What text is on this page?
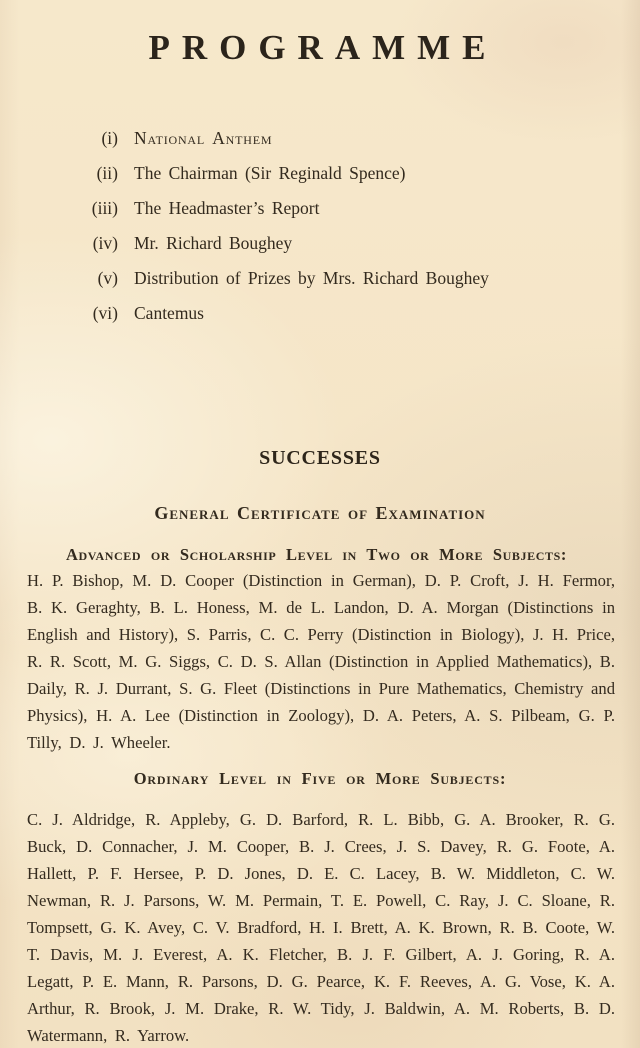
PROGRAMME
(i) National Anthem
(ii) The Chairman (Sir Reginald Spence)
(iii) The Headmaster’s Report
(iv) Mr. Richard Boughey
(v) Distribution of Prizes by Mrs. Richard Boughey
(vi) Cantemus
SUCCESSES
General Certificate of Examination
Advanced or Scholarship Level in Two or More Subjects:
H. P. Bishop, M. D. Cooper (Distinction in German), D. P. Croft, J. H. Fermor, B. K. Geraghty, B. L. Honess, M. de L. Landon, D. A. Morgan (Distinctions in English and History), S. Parris, C. C. Perry (Distinction in Biology), J. H. Price, R. R. Scott, M. G. Siggs, C. D. S. Allan (Distinction in Applied Mathematics), B. Daily, R. J. Durrant, S. G. Fleet (Distinctions in Pure Mathematics, Chemistry and Physics), H. A. Lee (Distinction in Zoology), D. A. Peters, A. S. Pilbeam, G. P. Tilly, D. J. Wheeler.
Ordinary Level in Five or More Subjects:
C. J. Aldridge, R. Appleby, G. D. Barford, R. L. Bibb, G. A. Brooker, R. G. Buck, D. Connacher, J. M. Cooper, B. J. Crees, J. S. Davey, R. G. Foote, A. Hallett, P. F. Hersee, P. D. Jones, D. E. C. Lacey, B. W. Middleton, C. W. Newman, R. J. Parsons, W. M. Permain, T. E. Powell, C. Ray, J. C. Sloane, R. Tompsett, G. K. Avey, C. V. Bradford, H. I. Brett, A. K. Brown, R. B. Coote, W. T. Davis, M. J. Everest, A. K. Fletcher, B. J. F. Gilbert, A. J. Goring, R. A. Legatt, P. E. Mann, R. Parsons, D. G. Pearce, K. F. Reeves, A. G. Vose, K. A. Arthur, R. Brook, J. M. Drake, R. W. Tidy, J. Baldwin, A. M. Roberts, B. D. Watermann, R. Yarrow.
